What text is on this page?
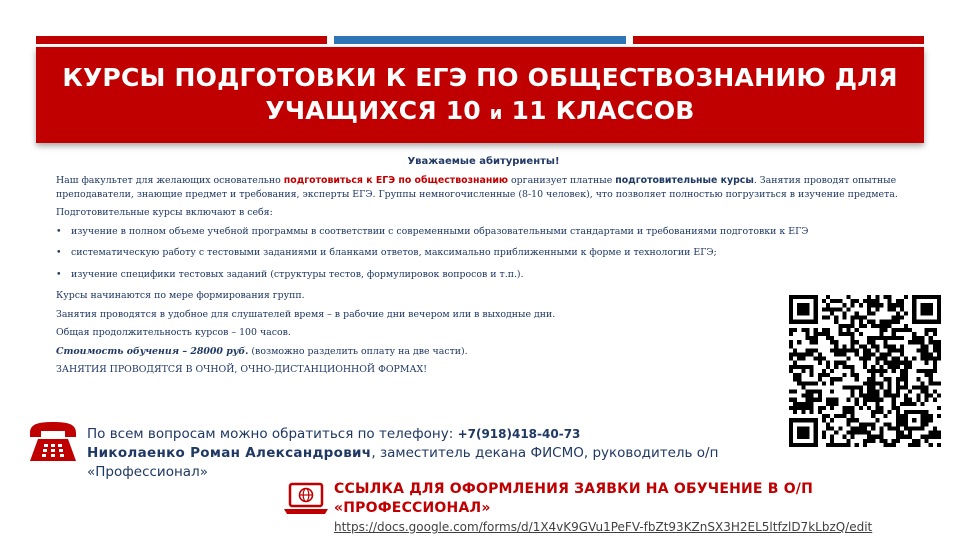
КУРСЫ ПОДГОТОВКИ К ЕГЭ ПО ОБЩЕСТВОЗНАНИЮ ДЛЯ
УЧАЩИХСЯ 10 и 11 КЛАССОВ
Уважаемые абитуриенты!
Наш факультет для желающих основательно подготовиться к ЕГЭ по обществознанию организует платные подготовительные курсы. Занятия проводят опытные преподаватели, знающие предмет и требования, эксперты ЕГЭ. Группы немногочисленные (8-10 человек), что позволяет полностью погрузиться в изучение предмета.
Подготовительные курсы включают в себя:
• изучение в полном объеме учебной программы в соответствии с современными образовательными стандартами и требованиями подготовки к ЕГЭ
• систематическую работу с тестовыми заданиями и бланками ответов, максимально приближенными к форме и технологии ЕГЭ;
• изучение специфики тестовых заданий (структуры тестов, формулировок вопросов и т.п.).
Курсы начинаются по мере формирования групп.
Занятия проводятся в удобное для слушателей время – в рабочие дни вечером или в выходные дни.
Общая продолжительность курсов – 100 часов.
Стоимость обучения – 28000 руб. (возможно разделить оплату на две части).
ЗАНЯТИЯ ПРОВОДЯТСЯ В ОЧНОЙ, ОЧНО-ДИСТАНЦИОННОЙ ФОРМАХ!
По всем вопросам можно обратиться по телефону: +7(918)418-40-73
Николаенко Роман Александрович, заместитель декана ФИСМО, руководитель о/п «Профессионал»
ССЫЛКА ДЛЯ ОФОРМЛЕНИЯ ЗАЯВКИ НА ОБУЧЕНИЕ В О/П «ПРОФЕССИОНАЛ»
https://docs.google.com/forms/d/1X4vK9GVu1PeFV-fbZt93KZnSX3H2EL5ltfzlD7kLbzQ/edit
